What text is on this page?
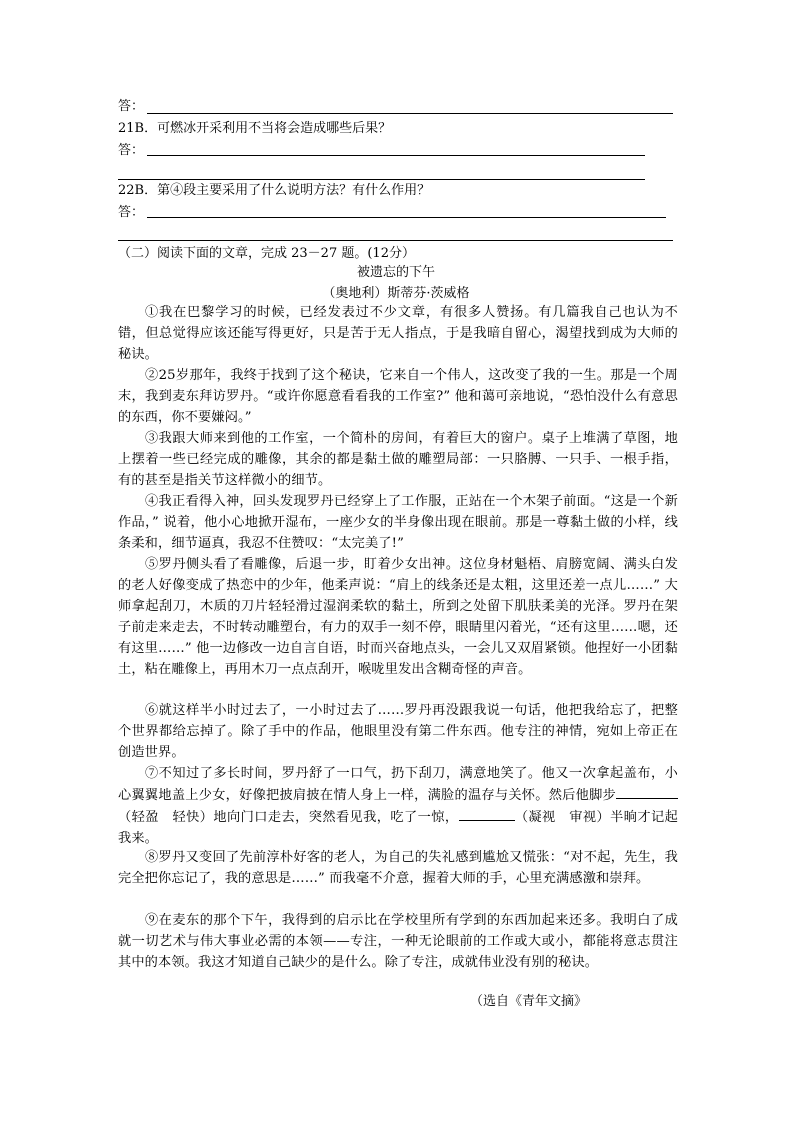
答：
21B．可燃冰开采利用不当将会造成哪些后果？
答：
22B．第④段主要采用了什么说明方法？有什么作用？
答：
（二）阅读下面的文章，完成 23－27 题。(12分）
被遗忘的下午
（奥地利）斯蒂芬·茨威格
①我在巴黎学习的时候，已经发表过不少文章，有很多人赞扬。有几篇我自己也认为不错，但总觉得应该还能写得更好，只是苦于无人指点，于是我暗自留心，渴望找到成为大师的秘诀。
②25岁那年，我终于找到了这个秘诀，它来自一个伟人，这改变了我的一生。那是一个周末，我到麦东拜访罗丹。“或许你愿意看看我的工作室?” 他和蔼可亲地说，“恐怕没什么有意思的东西，你不要嫌闷。”
③我跟大师来到他的工作室，一个简朴的房间，有着巨大的窗户。桌子上堆满了草图，地上摆着一些已经完成的雕像，其余的都是黏土做的雕塑局部：一只胳膊、一只手、一根手指，有的甚至是指关节这样微小的细节。
④我正看得入神，回头发现罗丹已经穿上了工作服，正站在一个木架子前面。“这是一个新作品，” 说着，他小心地掀开湿布，一座少女的半身像出现在眼前。那是一尊黏土做的小样，线条柔和，细节逼真，我忍不住赞叹：“太完美了!”
⑤罗丹侧头看了看雕像，后退一步，盯着少女出神。这位身材魁梧、肩膀宽阔、满头白发的老人好像变成了热恋中的少年，他柔声说：“肩上的线条还是太粗，这里还差一点儿……” 大师拿起刮刀，木质的刀片轻轻滑过湿润柔软的黏土，所到之处留下肌肤柔美的光泽。罗丹在架子前走来走去，不时转动雕塑台，有力的双手一刻不停，眼睛里闪着光，“还有这里……嗯，还有这里……” 他一边修改一边自言自语，时而兴奋地点头，一会儿又双眉紧锁。他捏好一小团黏土，粘在雕像上，再用木刀一点点刮开，喉咙里发出含糊奇怪的声音。
⑥就这样半小时过去了，一小时过去了……罗丹再没跟我说一句话，他把我给忘了，把整个世界都给忘掉了。除了手中的作品，他眼里没有第二件东西。他专注的神情，宛如上帝正在创造世界。
⑦不知过了多长时间，罗丹舒了一口气，扔下刮刀，满意地笑了。他又一次拿起盖布，小心翼翼地盖上少女，好像把披肩披在情人身上一样，满脸的温存与关怀。然后他脚步（轻盈　轻快）地向门口走去，突然看见我，吃了一惊，	（凝视　审视）半晌才记起我来。
⑧罗丹又变回了先前淳朴好客的老人，为自己的失礼感到尴尬又慌张：“对不起，先生，我完全把你忘记了，我的意思是……” 而我毫不介意，握着大师的手，心里充满感激和崇拜。
⑨在麦东的那个下午，我得到的启示比在学校里所有学到的东西加起来还多。我明白了成就一切艺术与伟大事业必需的本领——专注，一种无论眼前的工作或大或小，都能将意志贯注其中的本领。我这才知道自己缺少的是什么。除了专注，成就伟业没有别的秘诀。
（选自《青年文摘》
